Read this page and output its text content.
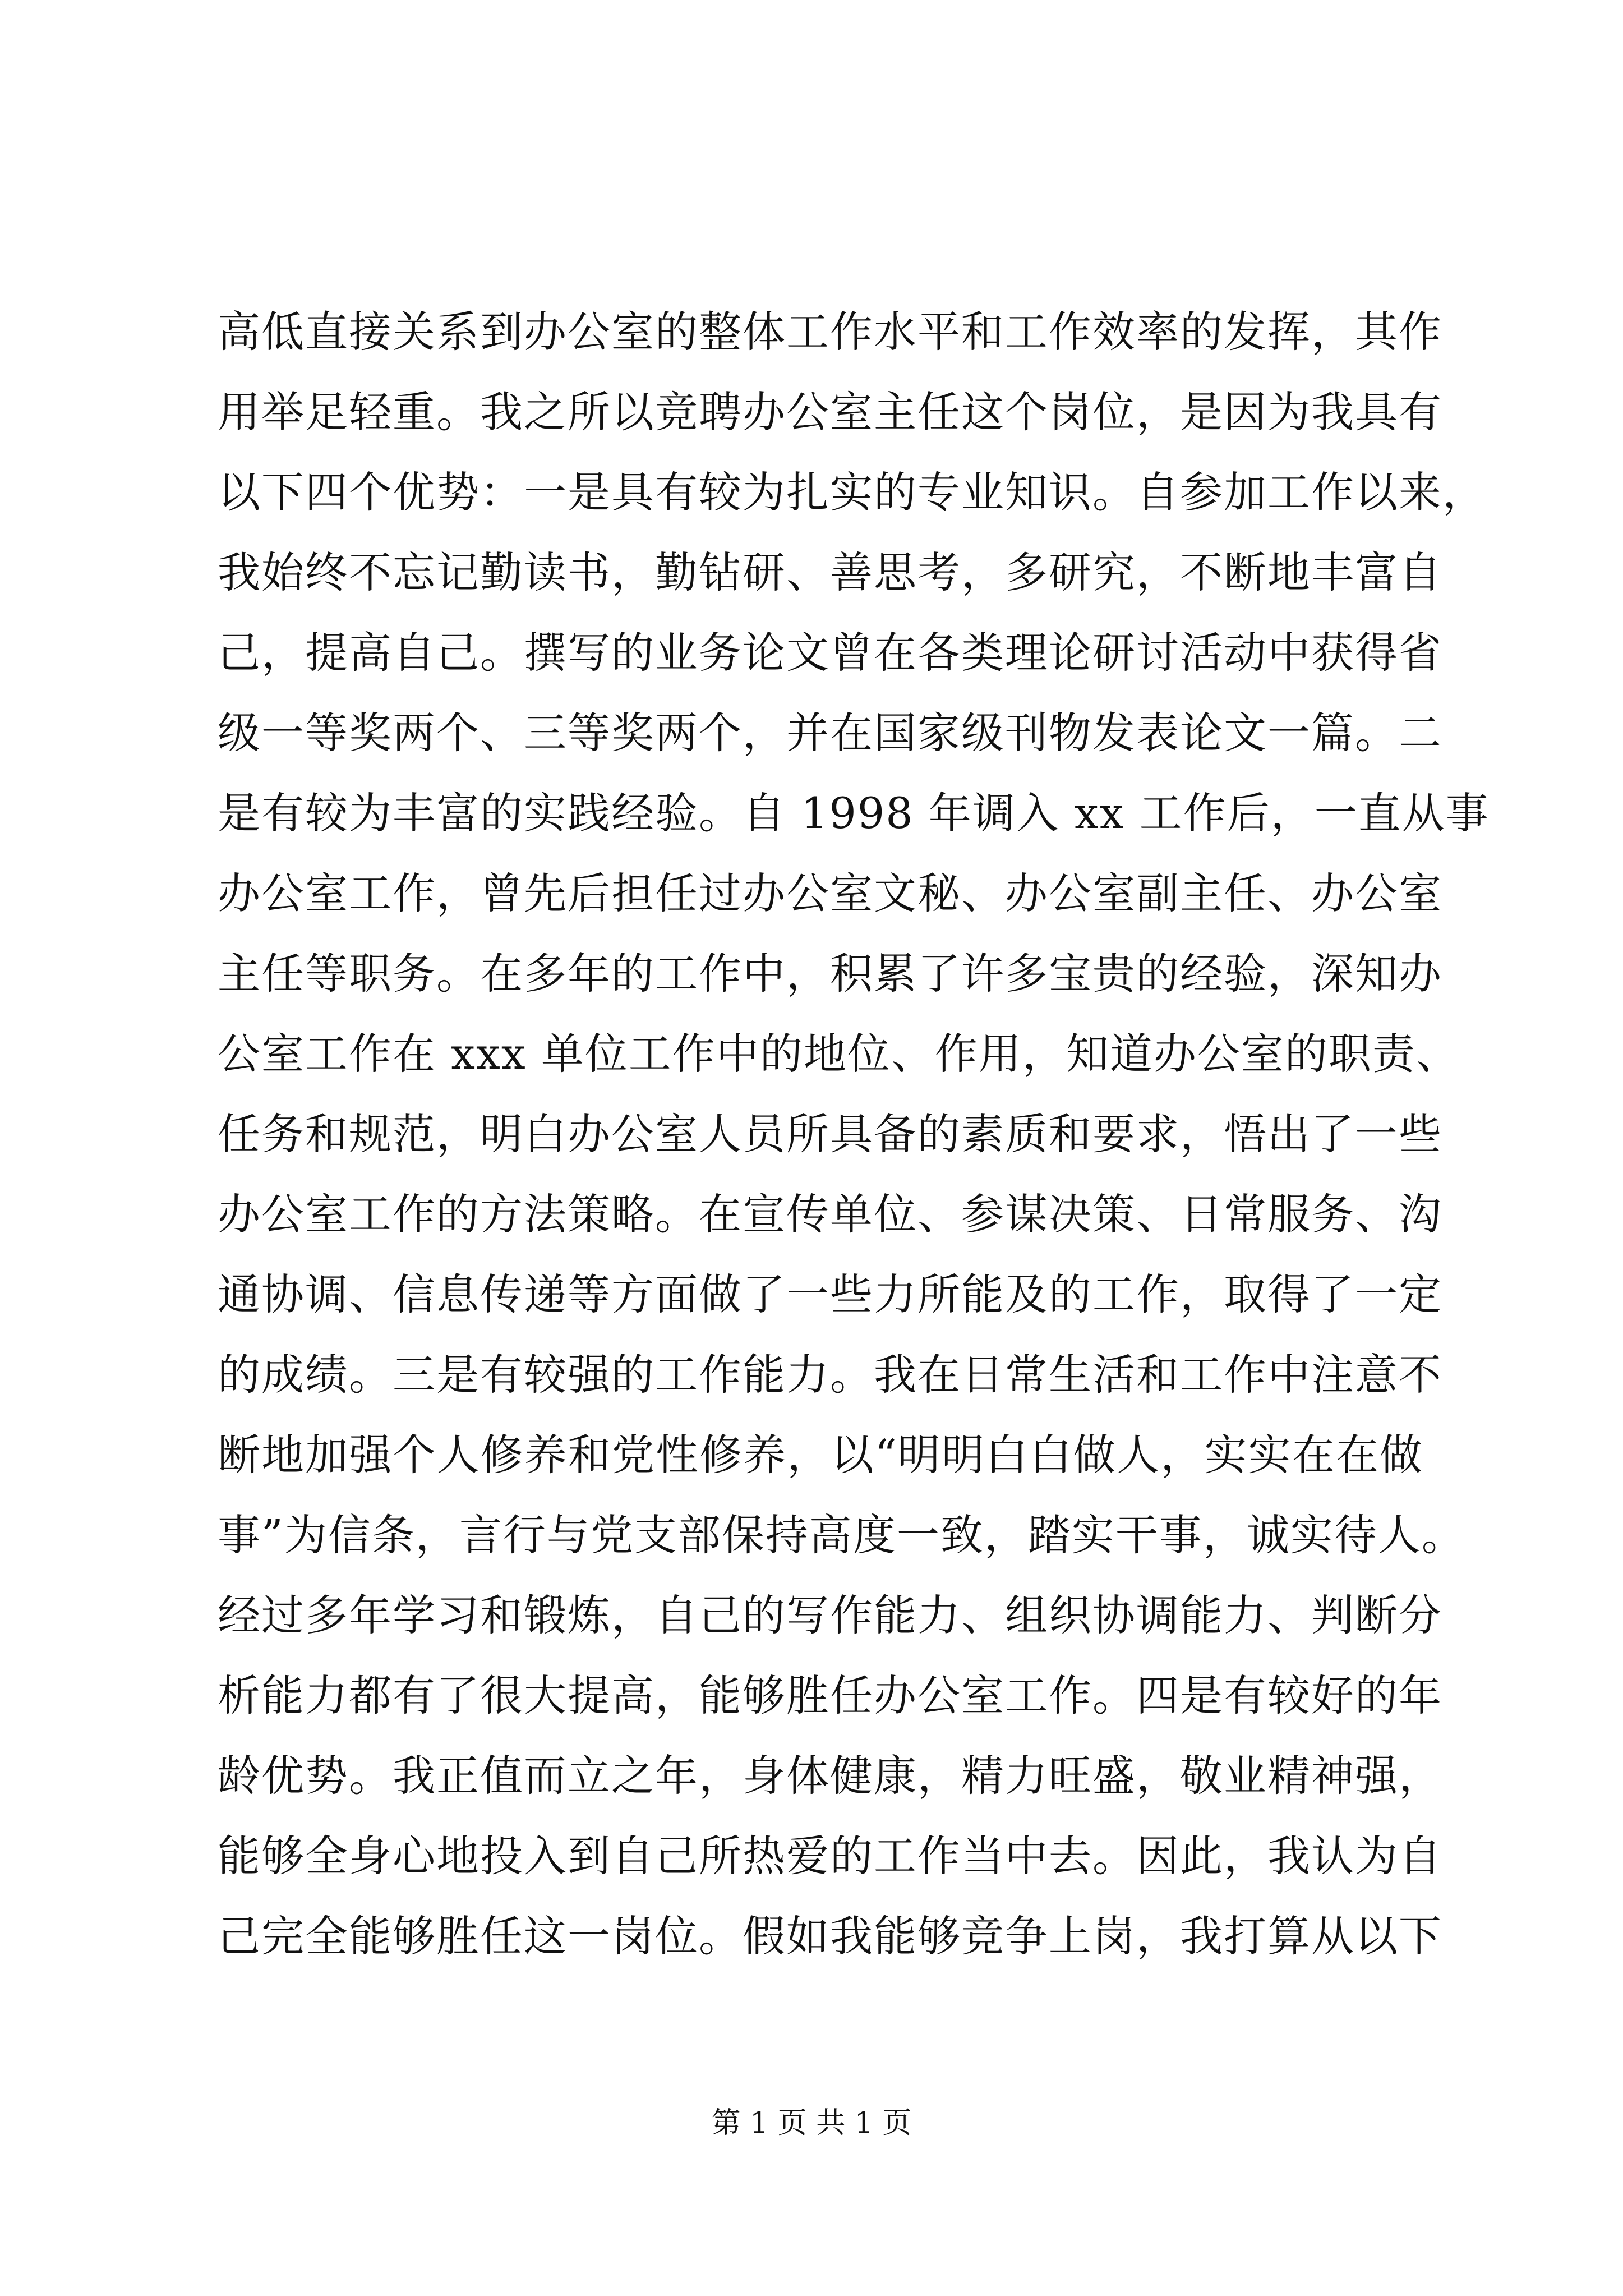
高低直接关系到办公室的整体工作水平和工作效率的发挥，其作
用举足轻重。我之所以竞聘办公室主任这个岗位，是因为我具有
以下四个优势：一是具有较为扎实的专业知识。自参加工作以来，
我始终不忘记勤读书，勤钻研、善思考，多研究，不断地丰富自
己，提高自己。撰写的业务论文曾在各类理论研讨活动中获得省
级一等奖两个、三等奖两个，并在国家级刊物发表论文一篇。二
是有较为丰富的实践经验。自 1998 年调入 xx 工作后，一直从事
办公室工作，曾先后担任过办公室文秘、办公室副主任、办公室
主任等职务。在多年的工作中，积累了许多宝贵的经验，深知办
公室工作在 xxx 单位工作中的地位、作用，知道办公室的职责、
任务和规范，明白办公室人员所具备的素质和要求，悟出了一些
办公室工作的方法策略。在宣传单位、参谋决策、日常服务、沟
通协调、信息传递等方面做了一些力所能及的工作，取得了一定
的成绩。三是有较强的工作能力。我在日常生活和工作中注意不
断地加强个人修养和党性修养，以“明明白白做人，实实在在做
事”为信条，言行与党支部保持高度一致，踏实干事，诚实待人。
经过多年学习和锻炼，自己的写作能力、组织协调能力、判断分
析能力都有了很大提高，能够胜任办公室工作。四是有较好的年
龄优势。我正值而立之年，身体健康，精力旺盛，敬业精神强，
能够全身心地投入到自己所热爱的工作当中去。因此，我认为自
己完全能够胜任这一岗位。假如我能够竞争上岗，我打算从以下
第 1 页 共 1 页
